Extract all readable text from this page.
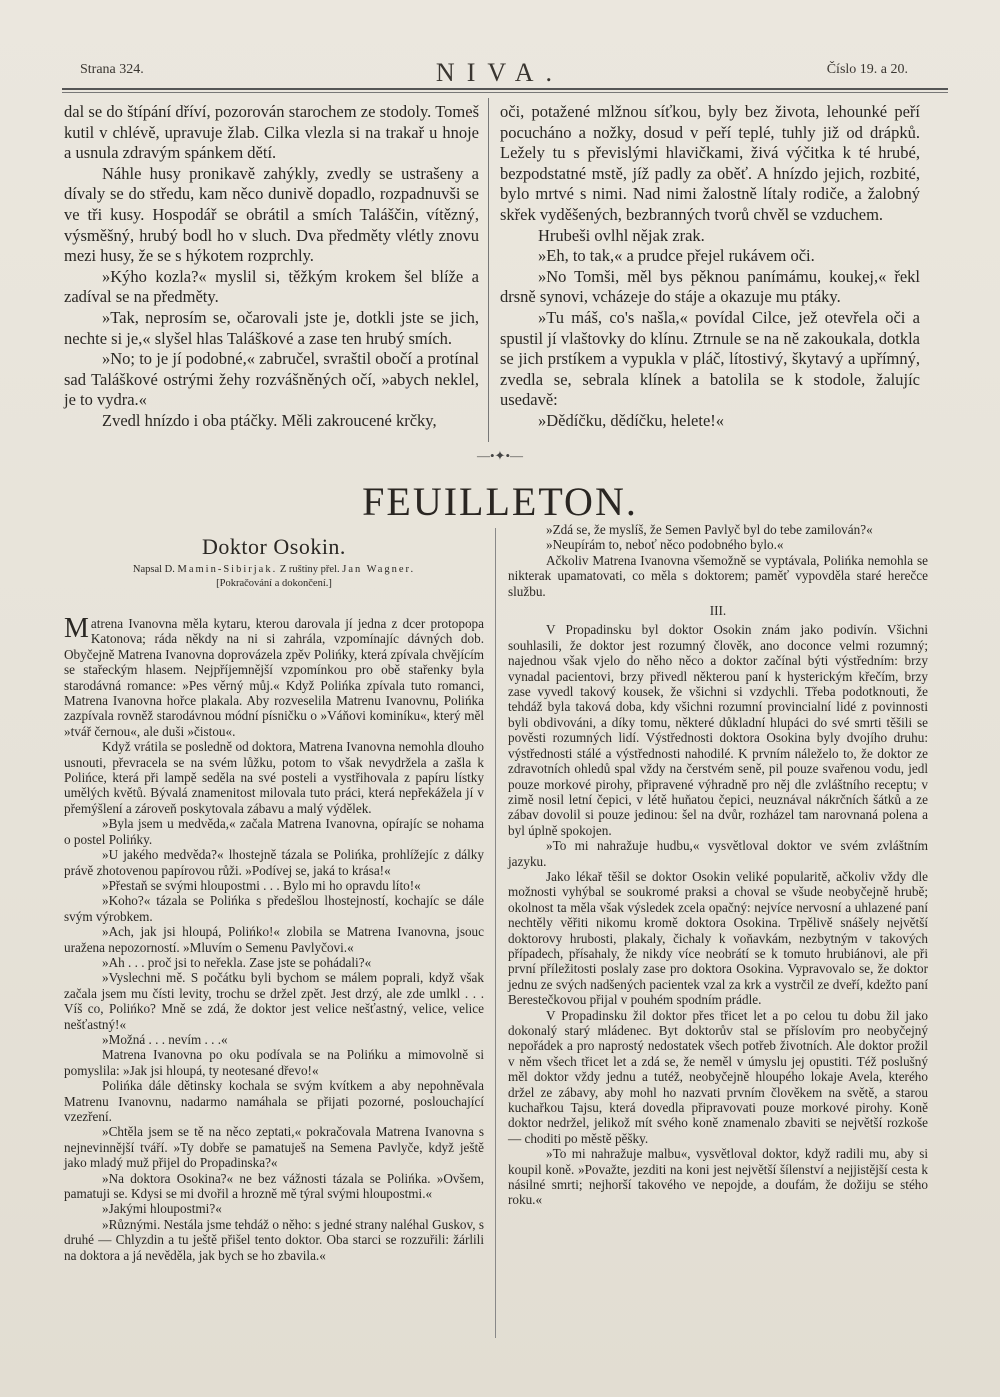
Strana 324.	NIVA.	Číslo 19. a 20.

dal se do štípání dříví, pozorován starochem ze stodoly. Tomeš kutil v chlévě, upravuje žlab. Cilka vlezla si na trakař u hnoje a usnula zdravým spánkem dětí.

Náhle husy pronikavě zahýkly, zvedly se ustrašeny a dívaly se do středu, kam něco dunivě dopadlo, rozpadnuvši se ve tři kusy. Hospodář se obrátil a smích Taláščin, vítězný, výsměšný, hrubý bodl ho v sluch. Dva předměty vlétly znovu mezi husy, že se s hýkotem rozprchly.

»Kýho kozla?« myslil si, těžkým krokem šel blíže a zadíval se na předměty.

»Tak, neprosím se, očarovali jste je, dotkli jste se jich, nechte si je,« slyšel hlas Taláškové a zase ten hrubý smích.

»No; to je jí podobné,« zabručel, svraštil obočí a protínal sad Taláškové ostrými žehy rozvášněných očí, »abych neklel, je to vydra.«

Zvedl hnízdo i oba ptáčky. Měli zakroucené krčky,

oči, potažené mlžnou síťkou, byly bez života, lehounké peří pocucháno a nožky, dosud v peří teplé, tuhly již od drápků. Ležely tu s převislými hlavičkami, živá výčitka k té hrubé, bezpodstatné mstě, jíž padly za oběť. A hnízdo jejich, rozbité, bylo mrtvé s nimi. Nad nimi žalostně lítaly rodiče, a žalobný skřek vyděšených, bezbranných tvorů chvěl se vzduchem.

Hrubeši ovlhl nějak zrak.

»Eh, to tak,« a prudce přejel rukávem oči.

»No Tomši, měl bys pěknou panímámu, koukej,« řekl drsně synovi, vcházeje do stáje a okazuje mu ptáky.

»Tu máš, co's našla,« povídal Cilce, jež otevřela oči a spustil jí vlaštovky do klínu. Ztrnule se na ně zakoukala, dotkla se jich prstíkem a vypukla v pláč, lítostivý, škytavý a upřímný, zvedla se, sebrala klínek a batolila se k stodole, žalujíc usedavě:

»Dědíčku, dědíčku, helete!«

—•✦•—
FEUILLETON.
Doktor Osokin.
Napsal D. Mamin-Sibirjak. Z ruštiny přel. Jan Wagner.
[Pokračování a dokončení.]

Matrena Ivanovna měla kytaru, kterou darovala jí jedna z dcer protopopa Katonova; ráda někdy na ni si zahrála, vzpomínajíc dávných dob. Obyčejně Matrena Ivanovna doprovázela zpěv Polińky, která zpívala chvějícím se stařeckým hlasem. Nejpříjemnější vzpomínkou pro obě stařenky byla starodávná romance: »Pes věrný můj.« Když Polińka zpívala tuto romanci, Matrena Ivanovna hořce plakala. Aby rozveselila Matrenu Ivanovnu, Polińka zazpívala rovněž starodávnou módní písničku o »Váňovi kominíku«, který měl »tvář černou«, ale duši »čistou«.

Když vrátila se posledně od doktora, Matrena Ivanovna nemohla dlouho usnouti, převracela se na svém lůžku, potom to však nevydržela a zašla k Polińce, která při lampě seděla na své posteli a vystřihovala z papíru lístky umělých květů. Bývalá znamenitost milovala tuto práci, která nepřekážela jí v přemýšlení a zároveň poskytovala zábavu a malý výdělek.

»Byla jsem u medvěda,« začala Matrena Ivanovna, opírajíc se nohama o postel Polińky.

»U jakého medvěda?« lhostejně tázala se Polińka, prohlížejíc z dálky právě zhotovenou papírovou růži. »Podívej se, jaká to krása!«

»Přestaň se svými hloupostmi . . . Bylo mi ho opravdu líto!«

»Koho?« tázala se Polińka s předešlou lhostejností, kochajíc se dále svým výrobkem.

»Ach, jak jsi hloupá, Polińko!« zlobila se Matrena Ivanovna, jsouc uražena nepozorností. »Mluvím o Semenu Pavlyčovi.«

»Ah . . . proč jsi to neřekla. Zase jste se pohádali?«

»Vyslechni mě. S počátku byli bychom se málem poprali, když však začala jsem mu čísti levity, trochu se držel zpět. Jest drzý, ale zde umlkl . . . Víš co, Polińko? Mně se zdá, že doktor jest velice nešťastný, velice, velice nešťastný!«

»Možná . . . nevím . . .«

Matrena Ivanovna po oku podívala se na Polińku a mimovolně si pomyslila: »Jak jsi hloupá, ty neotesané dřevo!«

Polińka dále dětinsky kochala se svým kvítkem a aby nepohněvala Matrenu Ivanovnu, nadarmo namáhala se přijati pozorné, poslouchající vzezření.

»Chtěla jsem se tě na něco zeptati,« pokračovala Matrena Ivanovna s nejnevinnější tváří. »Ty dobře se pamatuješ na Semena Pavlyče, když ještě jako mladý muž přijel do Propadinska?«

»Na doktora Osokina?« ne bez vážnosti tázala se Polińka. »Ovšem, pamatuji se. Kdysi se mi dvořil a hrozně mě týral svými hloupostmi.«

»Jakými hloupostmi?«

»Různými. Nestála jsme tehdáž o něho: s jedné strany naléhal Guskov, s druhé — Chlyzdin a tu ještě přišel tento doktor. Oba starci se rozzuřili: žárlili na doktora a já nevěděla, jak bych se ho zbavila.«

»Zdá se, že myslíš, že Semen Pavlyč byl do tebe zamilován?«

»Neupírám to, neboť něco podobného bylo.«

Ačkoliv Matrena Ivanovna všemožně se vyptávala, Polińka nemohla se nikterak upamatovati, co měla s doktorem; paměť vypovděla staré herečce službu.

III.

V Propadinsku byl doktor Osokin znám jako podivín. Všichni souhlasili, že doktor jest rozumný člověk, ano doconce velmi rozumný; najednou však vjelo do něho něco a doktor začínal býti výstředním: brzy vynadal pacientovi, brzy přivedl některou paní k hysterickým křečím, brzy zase vyvedl takový kousek, že všichni si vzdychli. Třeba podotknouti, že tehdáž byla taková doba, kdy všichni rozumní provincialní lidé z povinnosti byli obdivováni, a díky tomu, některé důkladní hlupáci do své smrti těšili se pověsti rozumných lidí. Výstřednosti doktora Osokina byly dvojího druhu: výstřednosti stálé a výstřednosti nahodilé. K prvním náleželo to, že doktor ze zdravotních ohledů spal vždy na čerstvém seně, pil pouze svařenou vodu, jedl pouze morkové pirohy, připravené výhradně pro něj dle zvláštního receptu; v zimě nosil letní čepici, v létě huňatou čepici, neuznával nákrčních šátků a ze zábav dovolil si pouze jedinou: šel na dvůr, rozházel tam narovnaná polena a byl úplně spokojen.

»To mi nahražuje hudbu,« vysvětloval doktor ve svém zvláštním jazyku.

Jako lékař těšil se doktor Osokin veliké popularitě, ačkoliv vždy dle možnosti vyhýbal se soukromé praksi a choval se všude neobyčejně hrubě; okolnost ta měla však výsledek zcela opačný: nejvíce nervosní a uhlazené paní nechtěly věřiti nikomu kromě doktora Osokina. Trpělivě snášely největší doktorovy hrubosti, plakaly, čichaly k voňavkám, nezbytným v takových případech, přísahaly, že nikdy více neobrátí se k tomuto hrubiánovi, ale při první příležitosti poslaly zase pro doktora Osokina. Vypravovalo se, že doktor jednu ze svých nadšených pacientek vzal za krk a vystrčil ze dveří, kdežto paní Berestečkovou přijal v pouhém spodním prádle.

V Propadinsku žil doktor přes třicet let a po celou tu dobu žil jako dokonalý starý mládenec. Byt doktorův stal se příslovím pro neobyčejný nepořádek a pro naprostý nedostatek všech potřeb životních. Ale doktor prožil v něm všech třicet let a zdá se, že neměl v úmyslu jej opustiti. Též poslušný měl doktor vždy jednu a tutéž, neobyčejně hloupého lokaje Avela, kterého držel ze zábavy, aby mohl ho nazvati prvním člověkem na světě, a starou kuchařkou Tajsu, která dovedla připravovati pouze morkové pirohy. Koně doktor nedržel, jelikož mít svého koně znamenalo zbaviti se největší rozkoše — choditi po městě pěšky.

»To mi nahražuje malbu«, vysvětloval doktor, když radili mu, aby si koupil koně. »Považte, jezditi na koni jest největší šílenství a nejjistější cesta k násilné smrti; nejhorší takového ve nepojde, a doufám, že dožiju se stého roku.«
